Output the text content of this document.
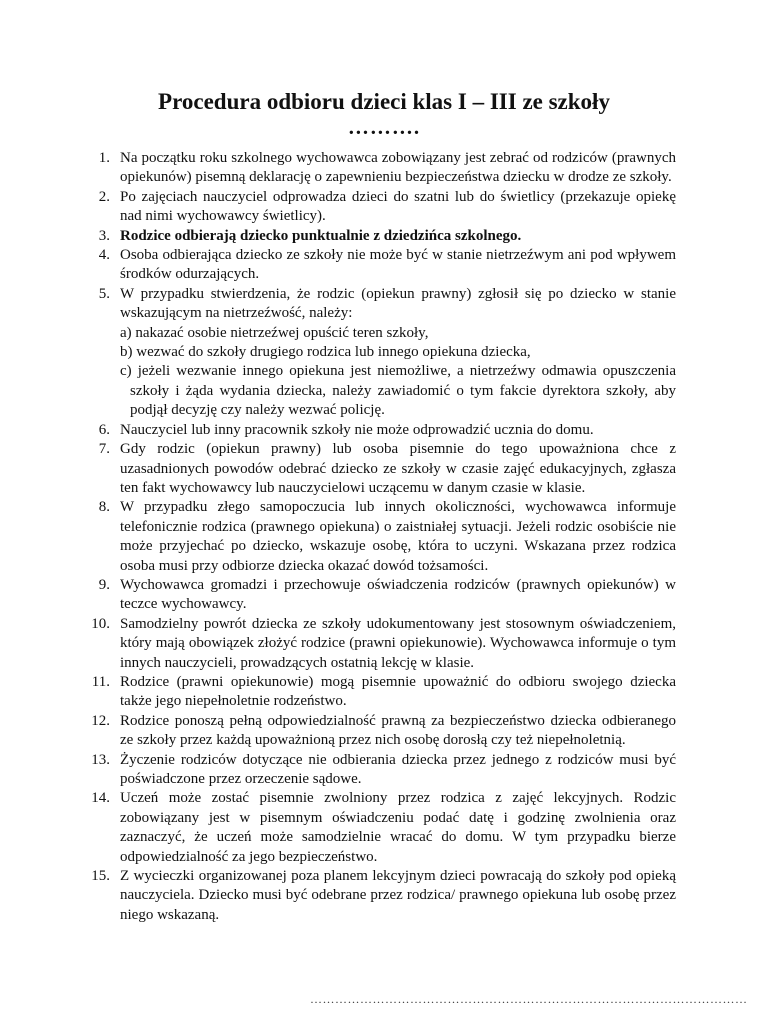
Procedura odbioru dzieci klas I – III ze szkoły
……….
1. Na początku roku szkolnego wychowawca zobowiązany jest zebrać od rodziców (prawnych opiekunów) pisemną deklarację o zapewnieniu bezpieczeństwa dziecku w drodze ze szkoły.
2. Po zajęciach nauczyciel odprowadza dzieci do szatni lub do świetlicy (przekazuje opiekę nad nimi wychowawcy świetlicy).
3. Rodzice odbierają dziecko punktualnie z dziedzińca szkolnego.
4. Osoba odbierająca dziecko ze szkoły nie może być w stanie nietrzeźwym ani pod wpływem środków odurzających.
5. W przypadku stwierdzenia, że rodzic (opiekun prawny) zgłosił się po dziecko w stanie wskazującym na nietrzeźwość, należy:
a) nakazać osobie nietrzeźwej opuścić teren szkoły,
b) wezwać do szkoły drugiego rodzica lub innego opiekuna dziecka,
c) jeżeli wezwanie innego opiekuna jest niemożliwe, a nietrzeźwy odmawia opuszczenia szkoły i żąda wydania dziecka, należy zawiadomić o tym fakcie dyrektora szkoły, aby podjął decyzję czy należy wezwać policję.
6. Nauczyciel lub inny pracownik szkoły nie może odprowadzić ucznia do domu.
7. Gdy rodzic (opiekun prawny) lub osoba pisemnie do tego upoważniona chce z uzasadnionych powodów odebrać dziecko ze szkoły w czasie zajęć edukacyjnych, zgłasza ten fakt wychowawcy lub nauczycielowi uczącemu w danym czasie w klasie.
8. W przypadku złego samopoczucia lub innych okoliczności, wychowawca informuje telefonicznie rodzica (prawnego opiekuna) o zaistniałej sytuacji. Jeżeli rodzic osobiście nie może przyjechać po dziecko, wskazuje osobę, która to uczyni. Wskazana przez rodzica osoba musi przy odbiorze dziecka okazać dowód tożsamości.
9. Wychowawca gromadzi i przechowuje oświadczenia rodziców (prawnych opiekunów) w teczce wychowawcy.
10. Samodzielny powrót dziecka ze szkoły udokumentowany jest stosownym oświadczeniem, który mają obowiązek złożyć rodzice (prawni opiekunowie). Wychowawca informuje o tym innych nauczycieli, prowadzących ostatnią lekcję w klasie.
11. Rodzice (prawni opiekunowie) mogą pisemnie upoważnić do odbioru swojego dziecka także jego niepełnoletnie rodzeństwo.
12. Rodzice ponoszą pełną odpowiedzialność prawną za bezpieczeństwo dziecka odbieranego ze szkoły przez każdą upoważnioną przez nich osobę dorosłą czy też niepełnoletnią.
13. Życzenie rodziców dotyczące nie odbierania dziecka przez jednego z rodziców musi być poświadczone przez orzeczenie sądowe.
14. Uczeń może zostać pisemnie zwolniony przez rodzica z zajęć lekcyjnych. Rodzic zobowiązany jest w pisemnym oświadczeniu podać datę i godzinę zwolnienia oraz zaznaczyć, że uczeń może samodzielnie wracać do domu. W tym przypadku bierze odpowiedzialność za jego bezpieczeństwo.
15. Z wycieczki organizowanej poza planem lekcyjnym dzieci powracają do szkoły pod opieką nauczyciela. Dziecko musi być odebrane przez rodzica/ prawnego opiekuna lub osobę przez niego wskazaną.
……………………………………………………………………………………………
